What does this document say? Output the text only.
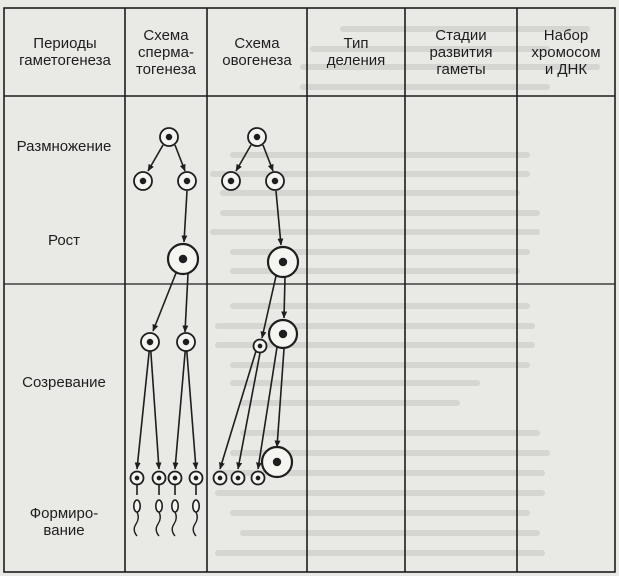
Периоды
гаметогенеза
Схема
сперма-
тогенеза
Схема
овогенеза
Тип
деления
Стадии
развития
гаметы
Набор
хромосом
и ДНК
Размножение
Рост
Созревание
Формиро-
вание
